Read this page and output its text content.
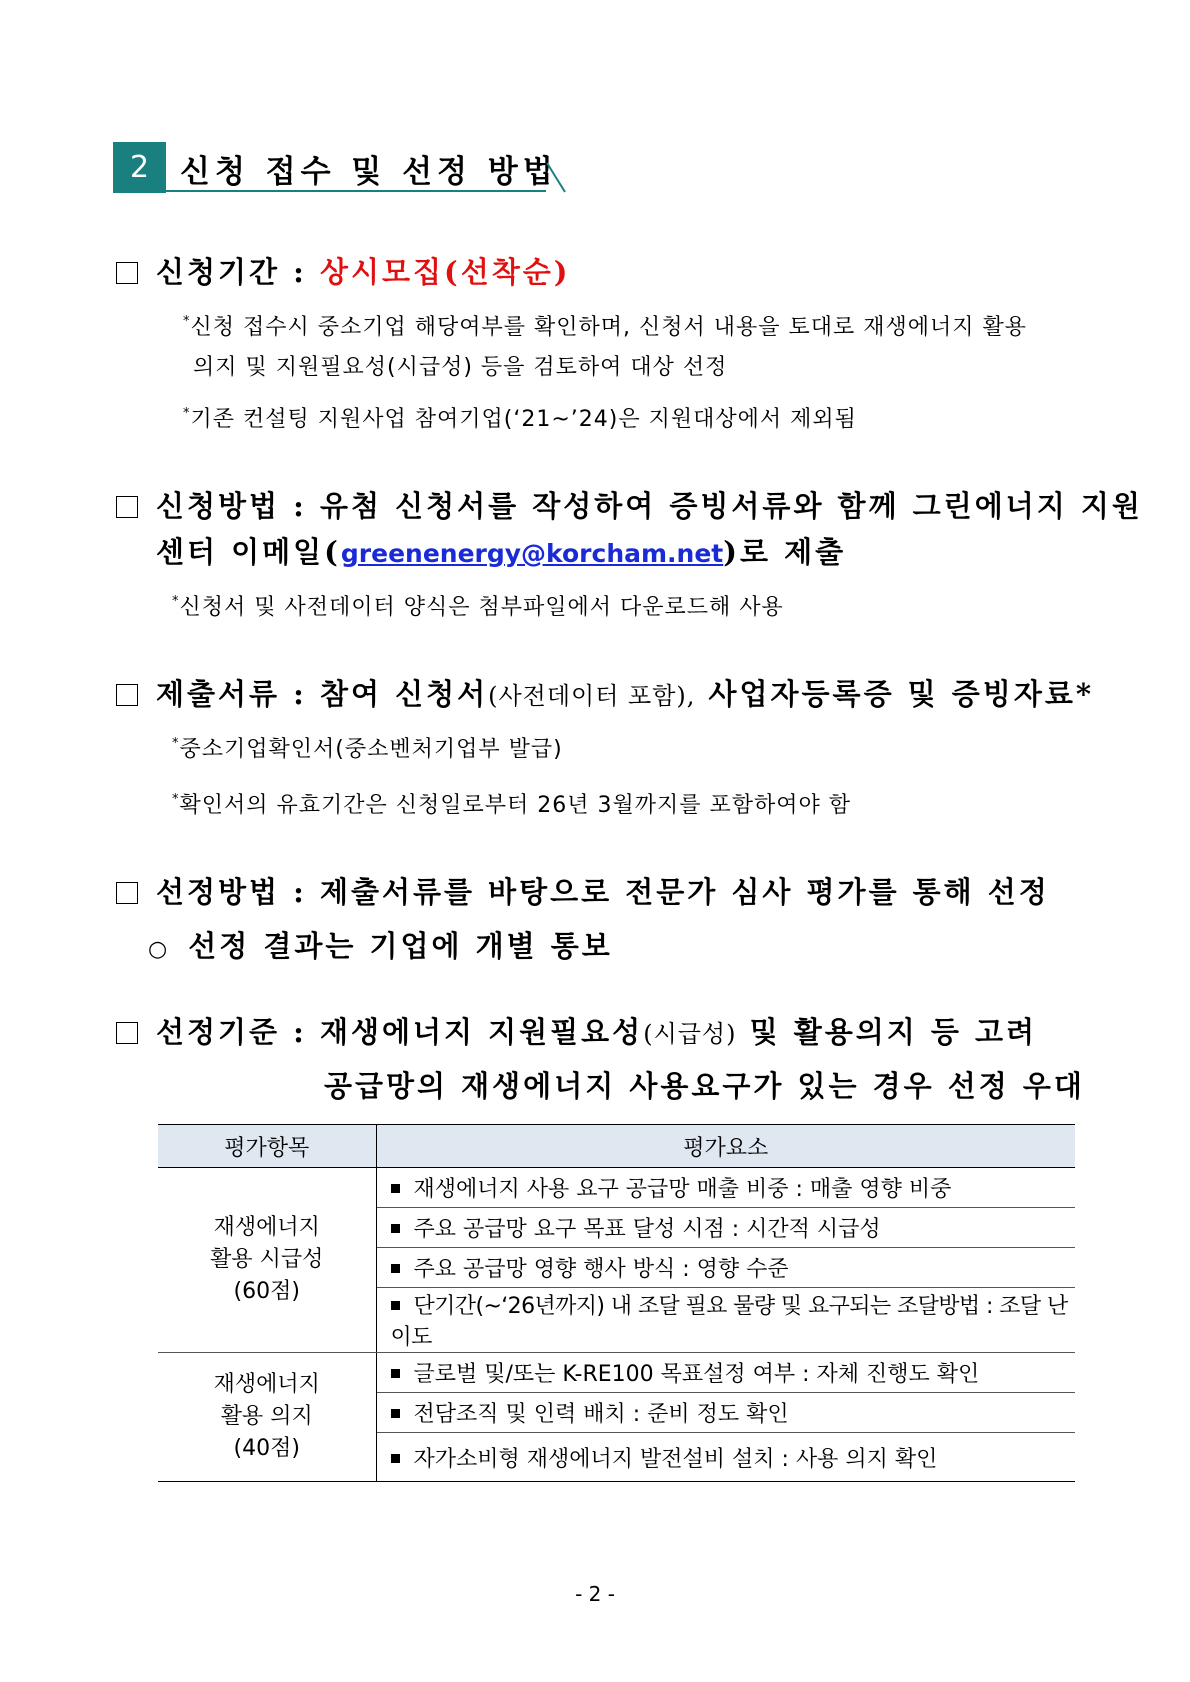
2 신청 접수 및 선정 방법
신청기간 : 상시모집(선착순)
*신청 접수시 중소기업 해당여부를 확인하며, 신청서 내용을 토대로 재생에너지 활용
의지 및 지원필요성(시급성) 등을 검토하여 대상 선정
*기존 컨설팅 지원사업 참여기업(‘21~’24)은 지원대상에서 제외됨
신청방법 : 유첨 신청서를 작성하여 증빙서류와 함께 그린에너지 지원
센터 이메일(greenenergy@korcham.net)로 제출
*신청서 및 사전데이터 양식은 첨부파일에서 다운로드해 사용
제출서류 : 참여 신청서(사전데이터 포함), 사업자등록증 및 증빙자료*
*중소기업확인서(중소벤처기업부 발급)
*확인서의 유효기간은 신청일로부터 26년 3월까지를 포함하여야 함
선정방법 : 제출서류를 바탕으로 전문가 심사 평가를 통해 선정
○ 선정 결과는 기업에 개별 통보
선정기준 : 재생에너지 지원필요성(시급성) 및 활용의지 등 고려
공급망의 재생에너지 사용요구가 있는 경우 선정 우대
평가항목	평가요소

재생에너지
활용 시급성
(60점)	재생에너지 사용 요구 공급망 매출 비중 : 매출 영향 비중
	주요 공급망 요구 목표 달성 시점 : 시간적 시급성
	주요 공급망 영향 행사 방식 : 영향 수준
	단기간(~‘26년까지) 내 조달 필요 물량 및 요구되는 조달방법 : 조달 난이도

재생에너지
활용 의지
(40점)	글로벌 및/또는 K-RE100 목표설정 여부 : 자체 진행도 확인
	전담조직 및 인력 배치 : 준비 정도 확인
	자가소비형 재생에너지 발전설비 설치 : 사용 의지 확인
- 2 -
